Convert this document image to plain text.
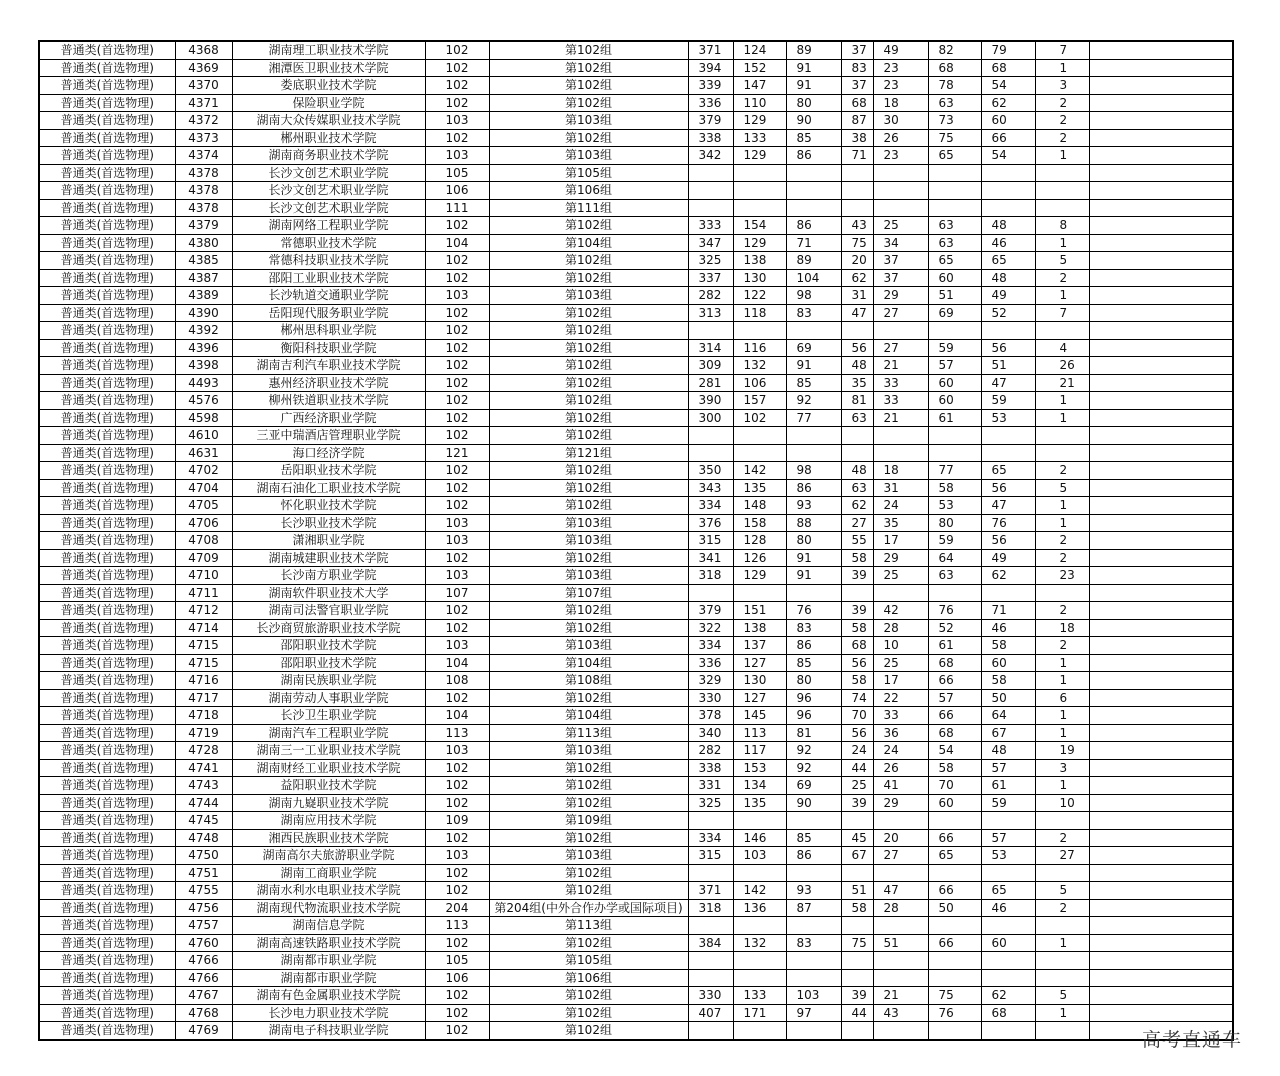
普通类(首选物理)	4368	湖南理工职业技术学院	102	第102组	371	124	89	37	49	82	79	7	
普通类(首选物理)	4369	湘潭医卫职业技术学院	102	第102组	394	152	91	83	23	68	68	1	
普通类(首选物理)	4370	娄底职业技术学院	102	第102组	339	147	91	37	23	78	54	3	
普通类(首选物理)	4371	保险职业学院	102	第102组	336	110	80	68	18	63	62	2	
普通类(首选物理)	4372	湖南大众传媒职业技术学院	103	第103组	379	129	90	87	30	73	60	2	
普通类(首选物理)	4373	郴州职业技术学院	102	第102组	338	133	85	38	26	75	66	2	
普通类(首选物理)	4374	湖南商务职业技术学院	103	第103组	342	129	86	71	23	65	54	1	
普通类(首选物理)	4378	长沙文创艺术职业学院	105	第105组									
普通类(首选物理)	4378	长沙文创艺术职业学院	106	第106组									
普通类(首选物理)	4378	长沙文创艺术职业学院	111	第111组									
普通类(首选物理)	4379	湖南网络工程职业学院	102	第102组	333	154	86	43	25	63	48	8	
普通类(首选物理)	4380	常德职业技术学院	104	第104组	347	129	71	75	34	63	46	1	
普通类(首选物理)	4385	常德科技职业技术学院	102	第102组	325	138	89	20	37	65	65	5	
普通类(首选物理)	4387	邵阳工业职业技术学院	102	第102组	337	130	104	62	37	60	48	2	
普通类(首选物理)	4389	长沙轨道交通职业学院	103	第103组	282	122	98	31	29	51	49	1	
普通类(首选物理)	4390	岳阳现代服务职业学院	102	第102组	313	118	83	47	27	69	52	7	
普通类(首选物理)	4392	郴州思科职业学院	102	第102组									
普通类(首选物理)	4396	衡阳科技职业学院	102	第102组	314	116	69	56	27	59	56	4	
普通类(首选物理)	4398	湖南吉利汽车职业技术学院	102	第102组	309	132	91	48	21	57	51	26	
普通类(首选物理)	4493	惠州经济职业技术学院	102	第102组	281	106	85	35	33	60	47	21	
普通类(首选物理)	4576	柳州铁道职业技术学院	102	第102组	390	157	92	81	33	60	59	1	
普通类(首选物理)	4598	广西经济职业学院	102	第102组	300	102	77	63	21	61	53	1	
普通类(首选物理)	4610	三亚中瑞酒店管理职业学院	102	第102组									
普通类(首选物理)	4631	海口经济学院	121	第121组									
普通类(首选物理)	4702	岳阳职业技术学院	102	第102组	350	142	98	48	18	77	65	2	
普通类(首选物理)	4704	湖南石油化工职业技术学院	102	第102组	343	135	86	63	31	58	56	5	
普通类(首选物理)	4705	怀化职业技术学院	102	第102组	334	148	93	62	24	53	47	1	
普通类(首选物理)	4706	长沙职业技术学院	103	第103组	376	158	88	27	35	80	76	1	
普通类(首选物理)	4708	潇湘职业学院	103	第103组	315	128	80	55	17	59	56	2	
普通类(首选物理)	4709	湖南城建职业技术学院	102	第102组	341	126	91	58	29	64	49	2	
普通类(首选物理)	4710	长沙南方职业学院	103	第103组	318	129	91	39	25	63	62	23	
普通类(首选物理)	4711	湖南软件职业技术大学	107	第107组									
普通类(首选物理)	4712	湖南司法警官职业学院	102	第102组	379	151	76	39	42	76	71	2	
普通类(首选物理)	4714	长沙商贸旅游职业技术学院	102	第102组	322	138	83	58	28	52	46	18	
普通类(首选物理)	4715	邵阳职业技术学院	103	第103组	334	137	86	68	10	61	58	2	
普通类(首选物理)	4715	邵阳职业技术学院	104	第104组	336	127	85	56	25	68	60	1	
普通类(首选物理)	4716	湖南民族职业学院	108	第108组	329	130	80	58	17	66	58	1	
普通类(首选物理)	4717	湖南劳动人事职业学院	102	第102组	330	127	96	74	22	57	50	6	
普通类(首选物理)	4718	长沙卫生职业学院	104	第104组	378	145	96	70	33	66	64	1	
普通类(首选物理)	4719	湖南汽车工程职业学院	113	第113组	340	113	81	56	36	68	67	1	
普通类(首选物理)	4728	湖南三一工业职业技术学院	103	第103组	282	117	92	24	24	54	48	19	
普通类(首选物理)	4741	湖南财经工业职业技术学院	102	第102组	338	153	92	44	26	58	57	3	
普通类(首选物理)	4743	益阳职业技术学院	102	第102组	331	134	69	25	41	70	61	1	
普通类(首选物理)	4744	湖南九嶷职业技术学院	102	第102组	325	135	90	39	29	60	59	10	
普通类(首选物理)	4745	湖南应用技术学院	109	第109组									
普通类(首选物理)	4748	湘西民族职业技术学院	102	第102组	334	146	85	45	20	66	57	2	
普通类(首选物理)	4750	湖南高尔夫旅游职业学院	103	第103组	315	103	86	67	27	65	53	27	
普通类(首选物理)	4751	湖南工商职业学院	102	第102组									
普通类(首选物理)	4755	湖南水利水电职业技术学院	102	第102组	371	142	93	51	47	66	65	5	
普通类(首选物理)	4756	湖南现代物流职业技术学院	204	第204组(中外合作办学或国际项目)	318	136	87	58	28	50	46	2	
普通类(首选物理)	4757	湖南信息学院	113	第113组									
普通类(首选物理)	4760	湖南高速铁路职业技术学院	102	第102组	384	132	83	75	51	66	60	1	
普通类(首选物理)	4766	湖南都市职业学院	105	第105组									
普通类(首选物理)	4766	湖南都市职业学院	106	第106组									
普通类(首选物理)	4767	湖南有色金属职业技术学院	102	第102组	330	133	103	39	21	75	62	5	
普通类(首选物理)	4768	长沙电力职业技术学院	102	第102组	407	171	97	44	43	76	68	1	
普通类(首选物理)	4769	湖南电子科技职业学院	102	第102组										高考直通车
